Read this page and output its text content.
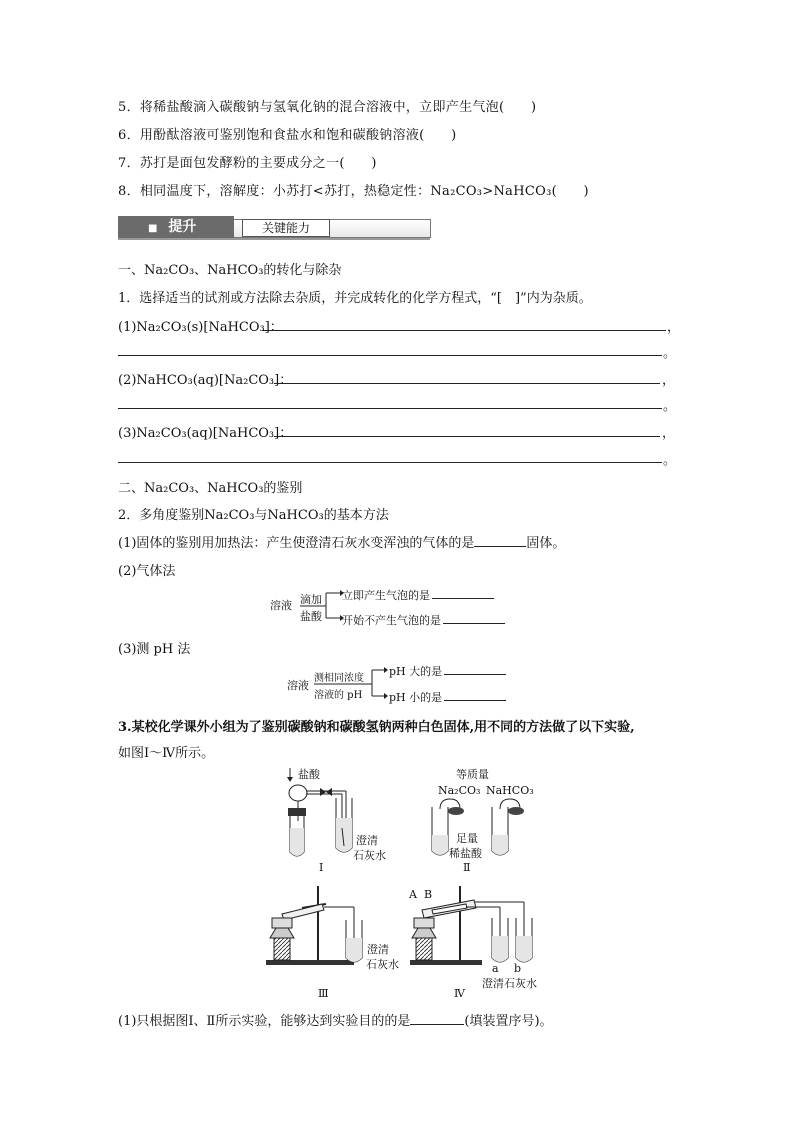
5．将稀盐酸滴入碳酸钠与氢氧化钠的混合溶液中，立即产生气泡(　　)
6．用酚酞溶液可鉴别饱和食盐水和饱和碳酸钠溶液(　　)
7．苏打是面包发酵粉的主要成分之一(　　)
8．相同温度下，溶解度：小苏打<苏打，热稳定性：Na₂CO₃>NaHCO₃(　　)
■ 提升	关键能力
一、Na₂CO₃、NaHCO₃的转化与除杂
1．选择适当的试剂或方法除去杂质，并完成转化的化学方程式，“[　]”内为杂质。
(1)Na₂CO₃(s)[NaHCO₃]：	，
。
(2)NaHCO₃(aq)[Na₂CO₃]：	，
。
(3)Na₂CO₃(aq)[NaHCO₃]：	，
。
二、Na₂CO₃、NaHCO₃的鉴别
2．多角度鉴别Na₂CO₃与NaHCO₃的基本方法
(1)固体的鉴别用加热法：产生使澄清石灰水变浑浊的气体的是	固体。
(2)气体法
溶液 滴加
盐酸
立即产生气泡的是
开始不产生气泡的是
(3)测 pH 法
溶液
测相同浓度
溶液的 pH
pH 大的是
pH 小的是
3.某校化学课外小组为了鉴别碳酸钠和碳酸氢钠两种白色固体,用不同的方法做了以下实验,
如图Ⅰ～Ⅳ所示。
盐酸
澄清
石灰水
Ⅰ
等质量
Na₂CO₃ NaHCO₃
足量
稀盐酸
Ⅱ
澄清
石灰水
Ⅲ
A B
a b
澄清石灰水
Ⅳ
(1)只根据图Ⅰ、Ⅱ所示实验，能够达到实验目的的是	(填装置序号)。
